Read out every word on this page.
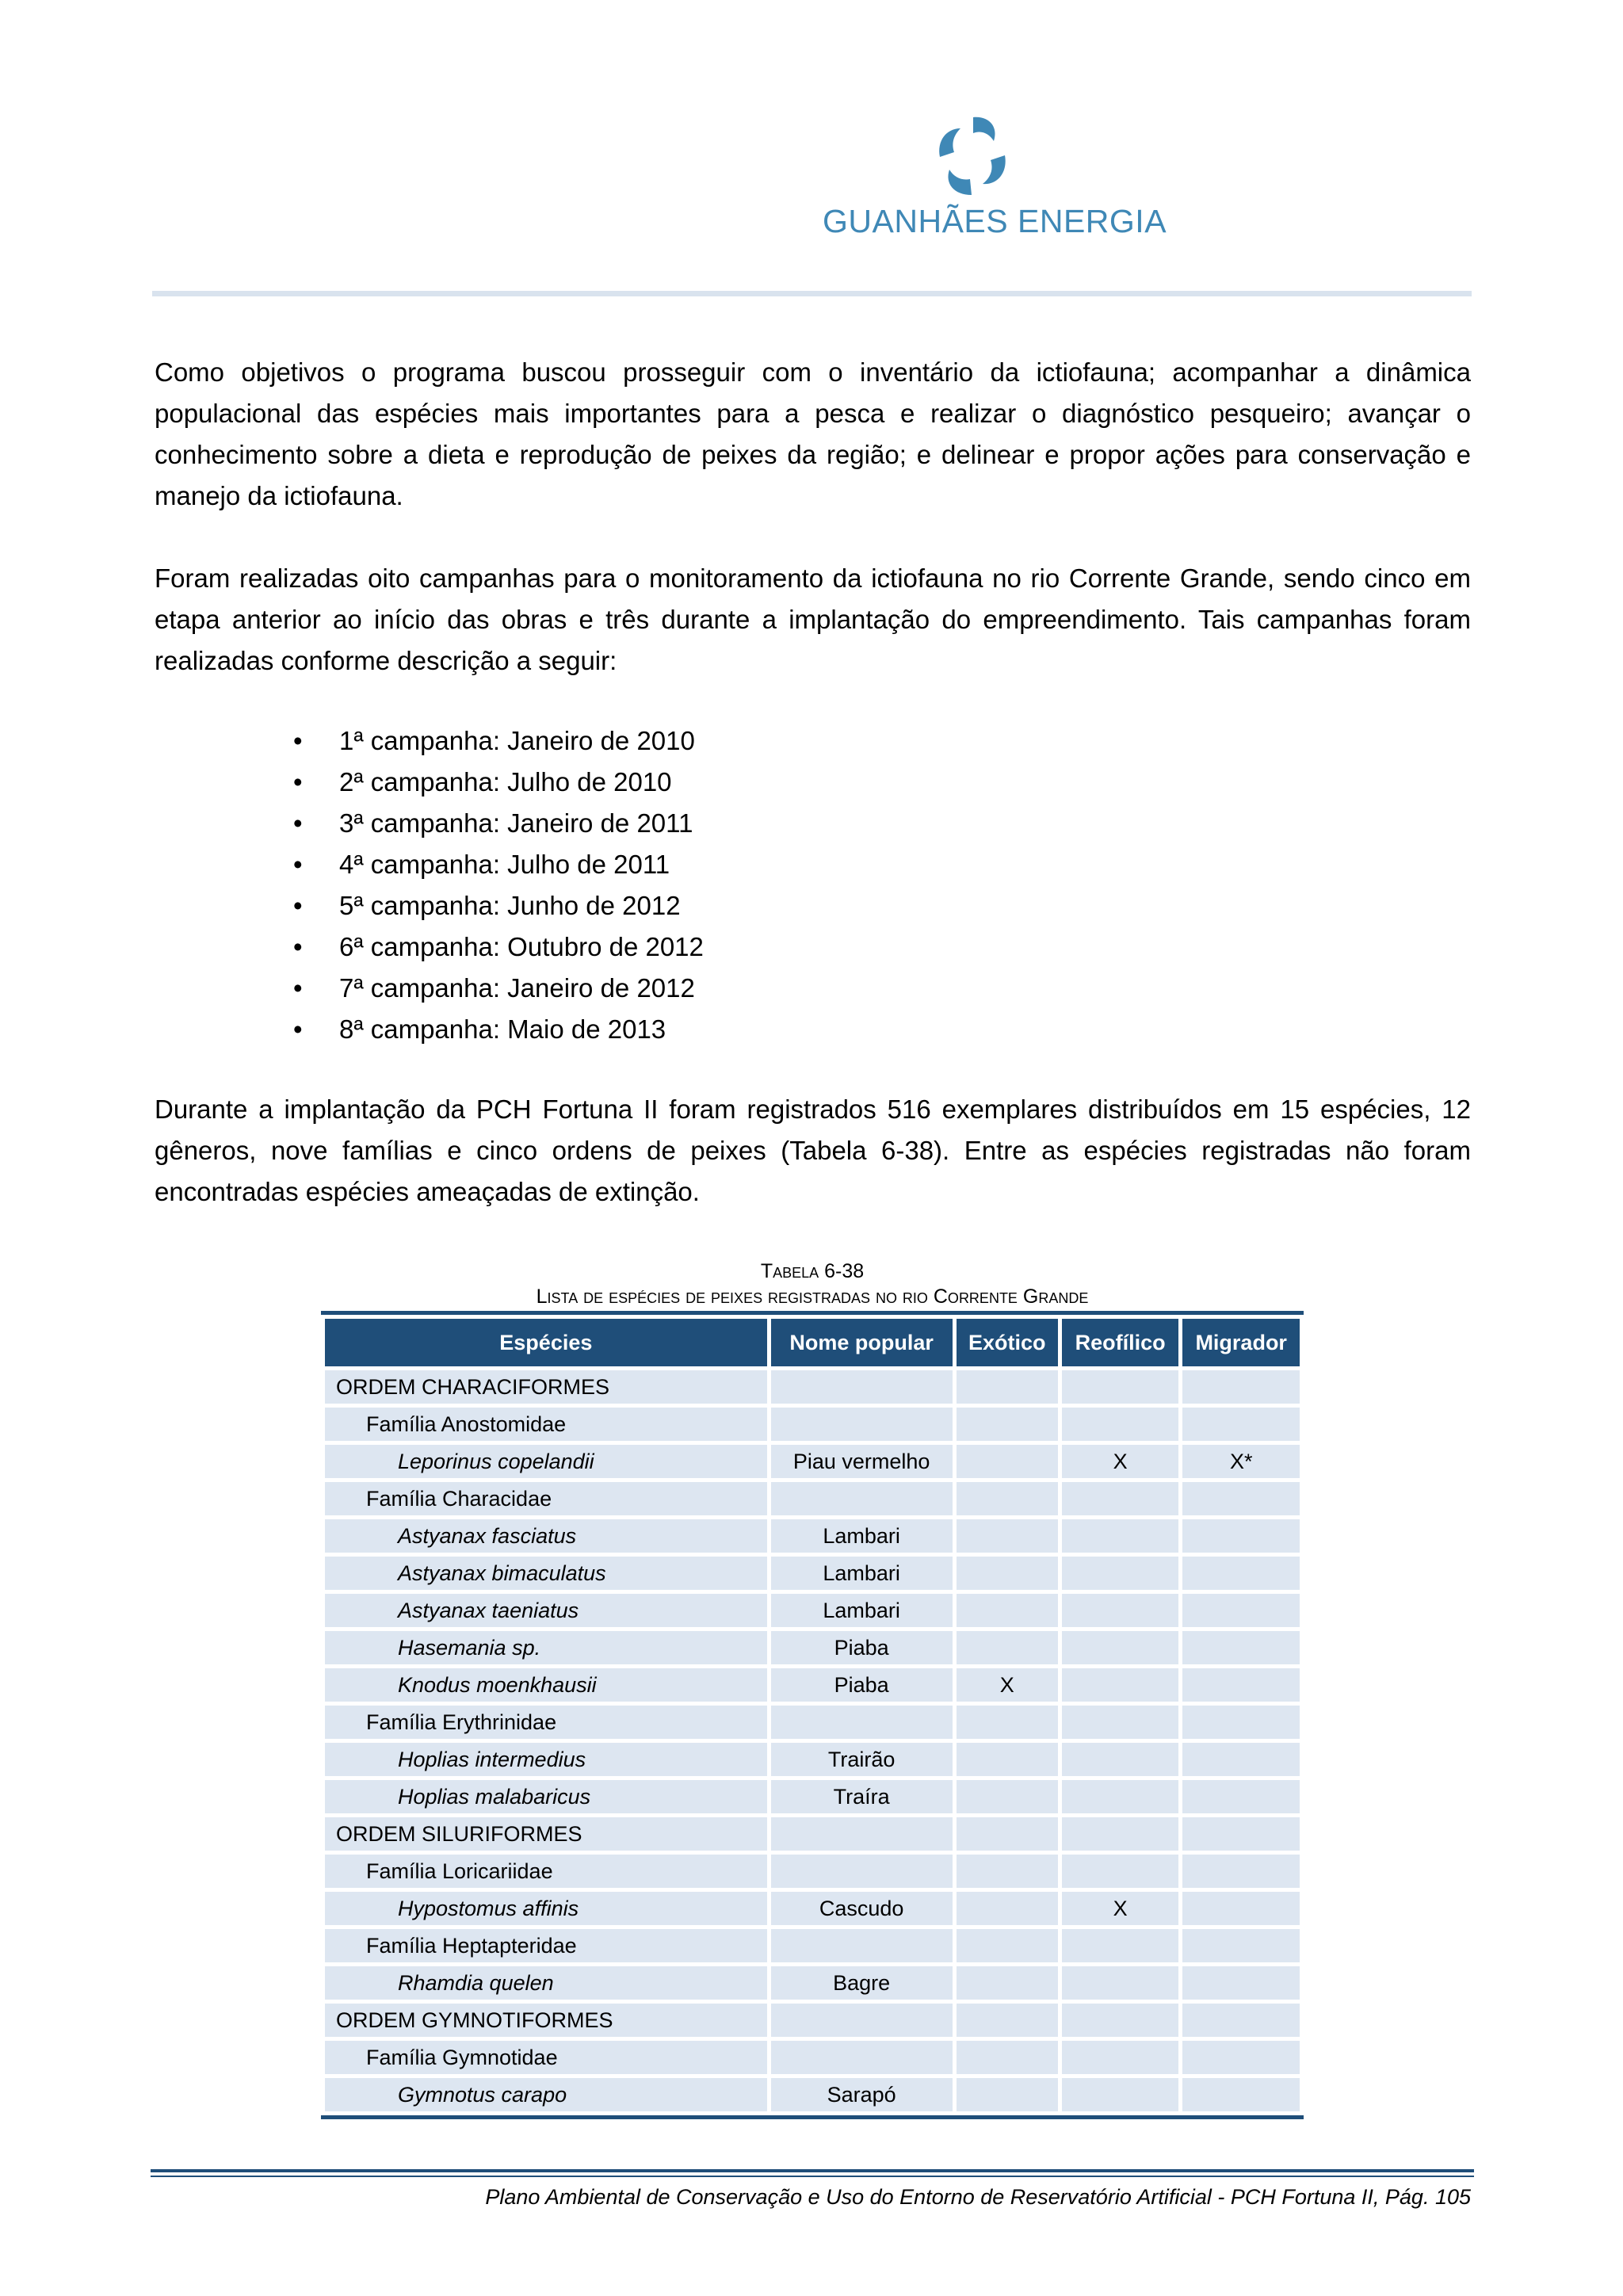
GUANHÃES ENERGIA

Como objetivos o programa buscou prosseguir com o inventário da ictiofauna; acompanhar a dinâmica populacional das espécies mais importantes para a pesca e realizar o diagnóstico pesqueiro; avançar o conhecimento sobre a dieta e reprodução de peixes da região; e delinear e propor ações para conservação e manejo da ictiofauna.

Foram realizadas oito campanhas para o monitoramento da ictiofauna no rio Corrente Grande, sendo cinco em etapa anterior ao início das obras e três durante a implantação do empreendimento. Tais campanhas foram realizadas conforme descrição a seguir:

• 1ª campanha: Janeiro de 2010
• 2ª campanha: Julho de 2010
• 3ª campanha: Janeiro de 2011
• 4ª campanha: Julho de 2011
• 5ª campanha: Junho de 2012
• 6ª campanha: Outubro de 2012
• 7ª campanha: Janeiro de 2012
• 8ª campanha: Maio de 2013

Durante a implantação da PCH Fortuna II foram registrados 516 exemplares distribuídos em 15 espécies, 12 gêneros, nove famílias e cinco ordens de peixes (Tabela 6-38). Entre as espécies registradas não foram encontradas espécies ameaçadas de extinção.

Tabela 6-38
Lista de espécies de peixes registradas no rio Corrente Grande
Espécies	Nome popular	Exótico	Reofílico	Migrador
ORDEM CHARACIFORMES				
Família Anostomidae				
Leporinus copelandii	Piau vermelho		X	X*
Família Characidae				
Astyanax fasciatus	Lambari			
Astyanax bimaculatus	Lambari			
Astyanax taeniatus	Lambari			
Hasemania sp.	Piaba			
Knodus moenkhausii	Piaba	X		
Família Erythrinidae				
Hoplias intermedius	Trairão			
Hoplias malabaricus	Traíra			
ORDEM SILURIFORMES				
Família Loricariidae				
Hypostomus affinis	Cascudo		X	
Família Heptapteridae				
Rhamdia quelen	Bagre			
ORDEM GYMNOTIFORMES				
Família Gymnotidae				
Gymnotus carapo	Sarapó			
Plano Ambiental de Conservação e Uso do Entorno de Reservatório Artificial - PCH Fortuna II, Pág. 105
